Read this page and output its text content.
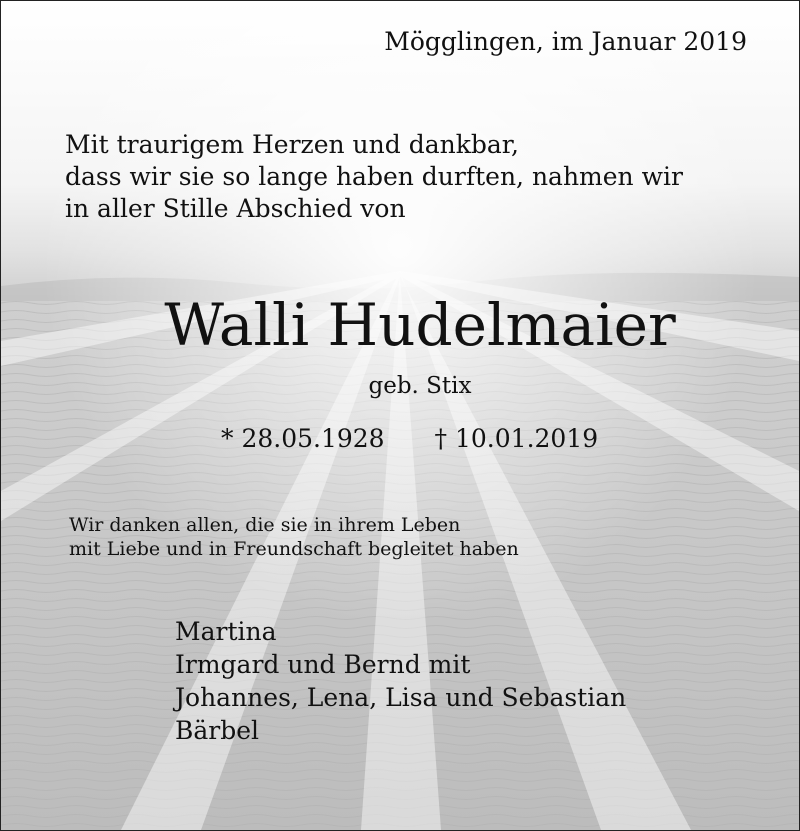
Mögglingen, im Januar 2019
Mit traurigem Herzen und dankbar,
dass wir sie so lange haben durften, nahmen wir
in aller Stille Abschied von
Walli Hudelmaier
geb. Stix
* 28.05.1928 † 10.01.2019
Wir danken allen, die sie in ihrem Leben
mit Liebe und in Freundschaft begleitet haben
Martina
Irmgard und Bernd mit
Johannes, Lena, Lisa und Sebastian
Bärbel
